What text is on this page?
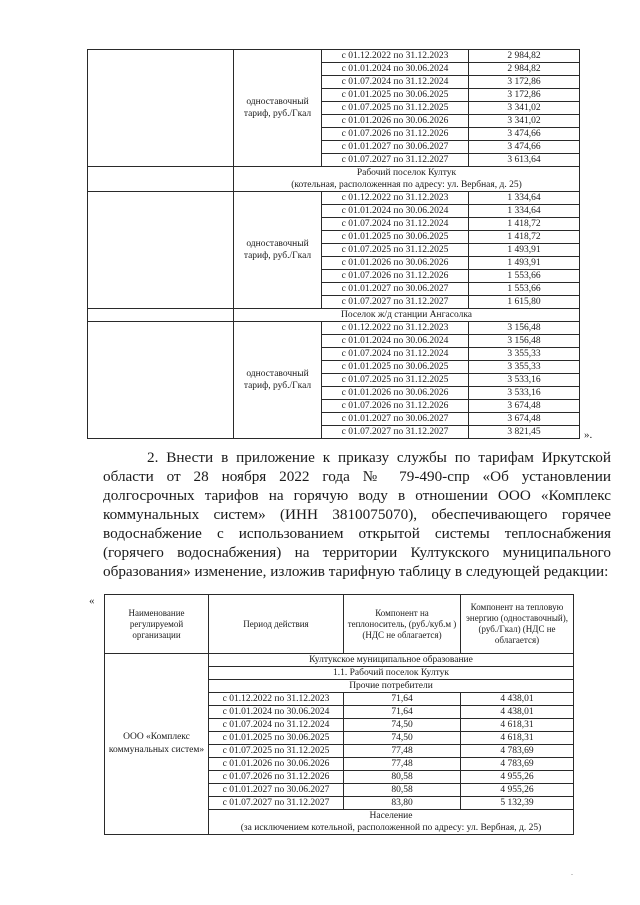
	одноставочный тариф, руб./Гкал	с 01.12.2022 по 31.12.2023	2 984,82
		с 01.01.2024 по 30.06.2024	2 984,82
		с 01.07.2024 по 31.12.2024	3 172,86
		с 01.01.2025 по 30.06.2025	3 172,86
		с 01.07.2025 по 31.12.2025	3 341,02
		с 01.01.2026 по 30.06.2026	3 341,02
		с 01.07.2026 по 31.12.2026	3 474,66
		с 01.01.2027 по 30.06.2027	3 474,66
		с 01.07.2027 по 31.12.2027	3 613,64
	Рабочий поселок Култук
(котельная, расположенная по адресу: ул. Вербная, д. 25)		
	одноставочный тариф, руб./Гкал	с 01.12.2022 по 31.12.2023	1 334,64
		с 01.01.2024 по 30.06.2024	1 334,64
		с 01.07.2024 по 31.12.2024	1 418,72
		с 01.01.2025 по 30.06.2025	1 418,72
		с 01.07.2025 по 31.12.2025	1 493,91
		с 01.01.2026 по 30.06.2026	1 493,91
		с 01.07.2026 по 31.12.2026	1 553,66
		с 01.01.2027 по 30.06.2027	1 553,66
		с 01.07.2027 по 31.12.2027	1 615,80
	Поселок ж/д станции Ангасолка		
	одноставочный тариф, руб./Гкал	с 01.12.2022 по 31.12.2023	3 156,48
		с 01.01.2024 по 30.06.2024	3 156,48
		с 01.07.2024 по 31.12.2024	3 355,33
		с 01.01.2025 по 30.06.2025	3 355,33
		с 01.07.2025 по 31.12.2025	3 533,16
		с 01.01.2026 по 30.06.2026	3 533,16
		с 01.07.2026 по 31.12.2026	3 674,48
		с 01.01.2027 по 30.06.2027	3 674,48
		с 01.07.2027 по 31.12.2027	3 821,45	».
2. Внести в приложение к приказу службы по тарифам Иркутской области от 28 ноября 2022 года № 79-490-спр «Об установлении долгосрочных тарифов на горячую воду в отношении ООО «Комплекс коммунальных систем» (ИНН 3810075070), обеспечивающего горячее водоснабжение с использованием открытой системы теплоснабжения (горячего водоснабжения) на территории Култукского муниципального образования» изменение, изложив тарифную таблицу в следующей редакции:
«
Наименование регулируемой организации	Период действия	Компонент на теплоноситель, (руб./куб.м ) (НДС не облагается)	Компонент на тепловую энергию (одноставочный), (руб./Гкал) (НДС не облагается)
ООО «Комплекс коммунальных систем»	Култукское муниципальное образование		
	1.1. Рабочий поселок Култук		
	Прочие потребители		
	с 01.12.2022 по 31.12.2023	71,64	4 438,01
	с 01.01.2024 по 30.06.2024	71,64	4 438,01
	с 01.07.2024 по 31.12.2024	74,50	4 618,31
	с 01.01.2025 по 30.06.2025	74,50	4 618,31
	с 01.07.2025 по 31.12.2025	77,48	4 783,69
	с 01.01.2026 по 30.06.2026	77,48	4 783,69
	с 01.07.2026 по 31.12.2026	80,58	4 955,26
	с 01.01.2027 по 30.06.2027	80,58	4 955,26
	с 01.07.2027 по 31.12.2027	83,80	5 132,39
	Население
(за исключением котельной, расположенной по адресу: ул. Вербная, д. 25)		
.
